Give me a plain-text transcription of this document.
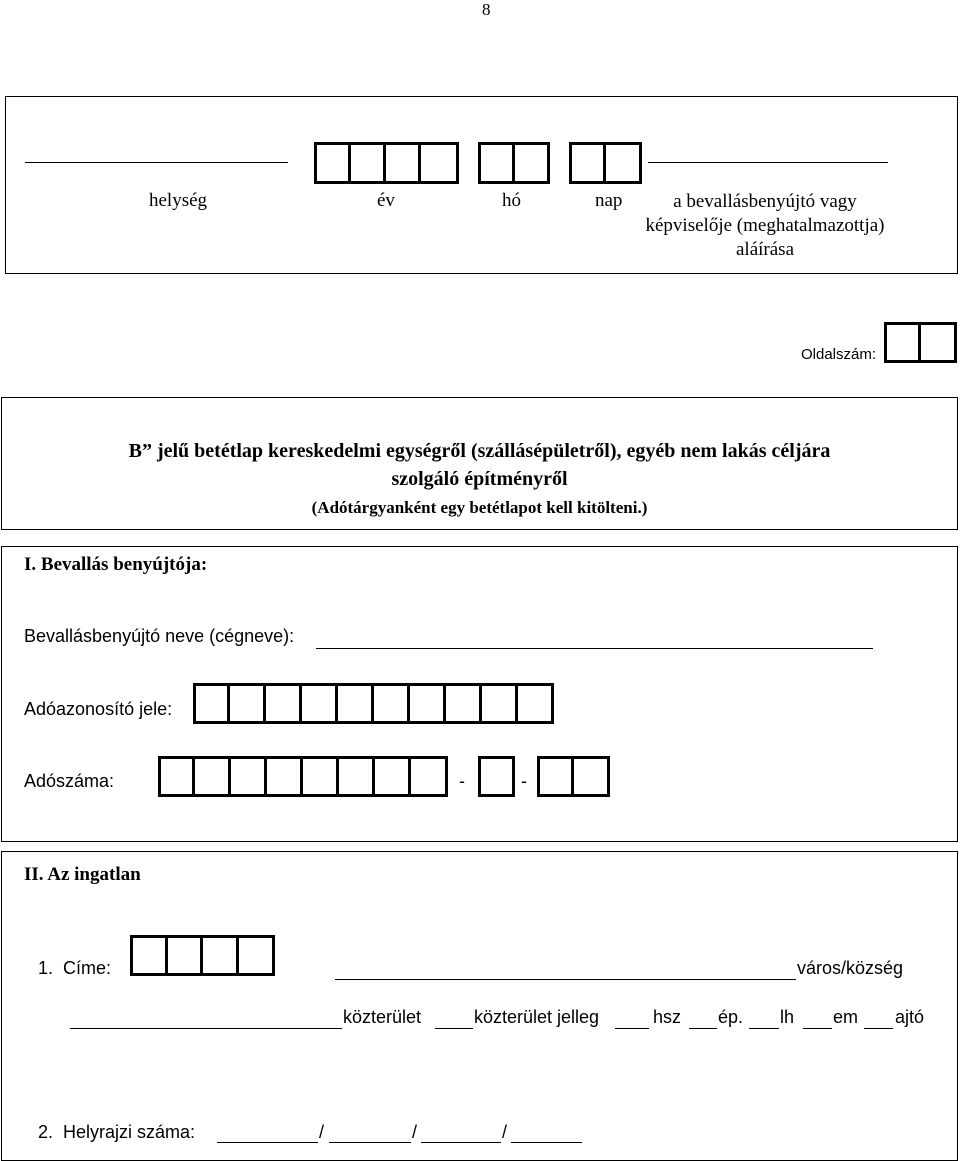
8
helység	év	hó	nap	a bevallásbenyújtó vagy
képviselője (meghatalmazottja)
aláírása
Oldalszám:
B” jelű betétlap kereskedelmi egységről (szállásépületről), egyéb nem lakás céljára
szolgáló építményről
(Adótárgyanként egy betétlapot kell kitölteni.)
I. Bevallás benyújtója:
Bevallásbenyújtó neve (cégneve):
Adóazonosító jele:
Adószáma:	-	-
II. Az ingatlan
1.  Címe:	város/község
közterület	közterület jelleg	hsz ép. lh em ajtó
2.  Helyrajzi száma:	/	/	/
